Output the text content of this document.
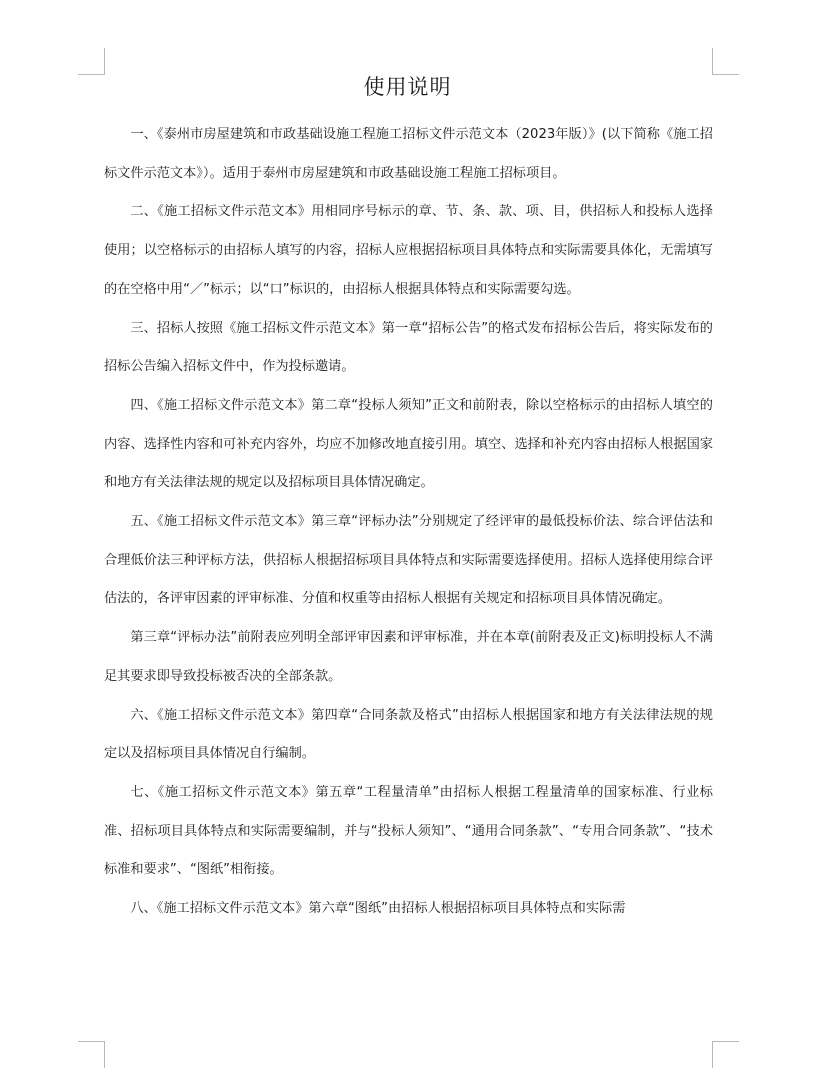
使用说明

一、《泰州市房屋建筑和市政基础设施工程施工招标文件示范文本（2023年版）》(以下简称《施工招标文件示范文本》）。适用于泰州市房屋建筑和市政基础设施工程施工招标项目。

二、《施工招标文件示范文本》用相同序号标示的章、节、条、款、项、目，供招标人和投标人选择使用；以空格标示的由招标人填写的内容，招标人应根据招标项目具体特点和实际需要具体化，无需填写的在空格中用“／”标示；以“口”标识的，由招标人根据具体特点和实际需要勾选。

三、招标人按照《施工招标文件示范文本》第一章“招标公告”的格式发布招标公告后，将实际发布的招标公告编入招标文件中，作为投标邀请。

四、《施工招标文件示范文本》第二章“投标人须知”正文和前附表，除以空格标示的由招标人填空的内容、选择性内容和可补充内容外，均应不加修改地直接引用。填空、选择和补充内容由招标人根据国家和地方有关法律法规的规定以及招标项目具体情况确定。

五、《施工招标文件示范文本》第三章“评标办法”分别规定了经评审的最低投标价法、综合评估法和合理低价法三种评标方法，供招标人根据招标项目具体特点和实际需要选择使用。招标人选择使用综合评估法的，各评审因素的评审标准、分值和权重等由招标人根据有关规定和招标项目具体情况确定。

第三章“评标办法”前附表应列明全部评审因素和评审标准，并在本章(前附表及正文)标明投标人不满足其要求即导致投标被否决的全部条款。

六、《施工招标文件示范文本》第四章“合同条款及格式”由招标人根据国家和地方有关法律法规的规定以及招标项目具体情况自行编制。

七、《施工招标文件示范文本》第五章“工程量清单”由招标人根据工程量清单的国家标准、行业标准、招标项目具体特点和实际需要编制，并与“投标人须知”、“通用合同条款”、“专用合同条款”、“技术标准和要求”、“图纸”相衔接。

八、《施工招标文件示范文本》第六章“图纸”由招标人根据招标项目具体特点和实际需
